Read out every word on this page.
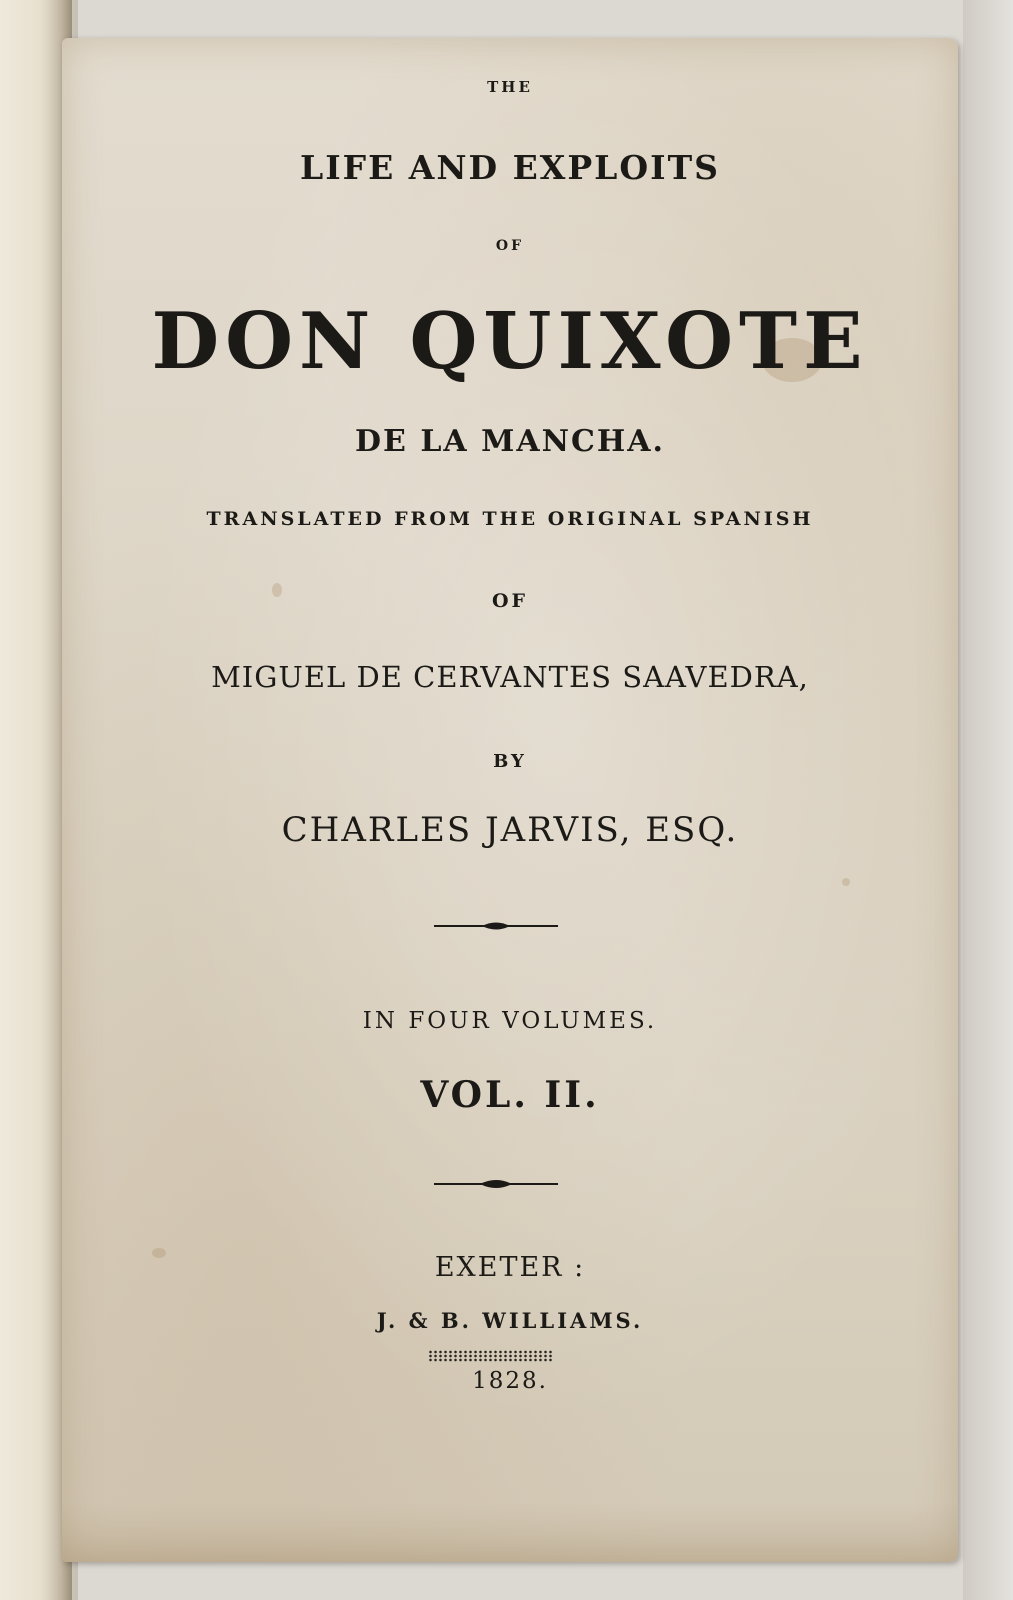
THE
LIFE AND EXPLOITS
OF
DON QUIXOTE
DE LA MANCHA.
TRANSLATED FROM THE ORIGINAL SPANISH
OF
MIGUEL DE CERVANTES SAAVEDRA,
BY
CHARLES JARVIS, ESQ.
IN FOUR VOLUMES.
VOL. II.
EXETER :
J. & B. WILLIAMS.
1828.
